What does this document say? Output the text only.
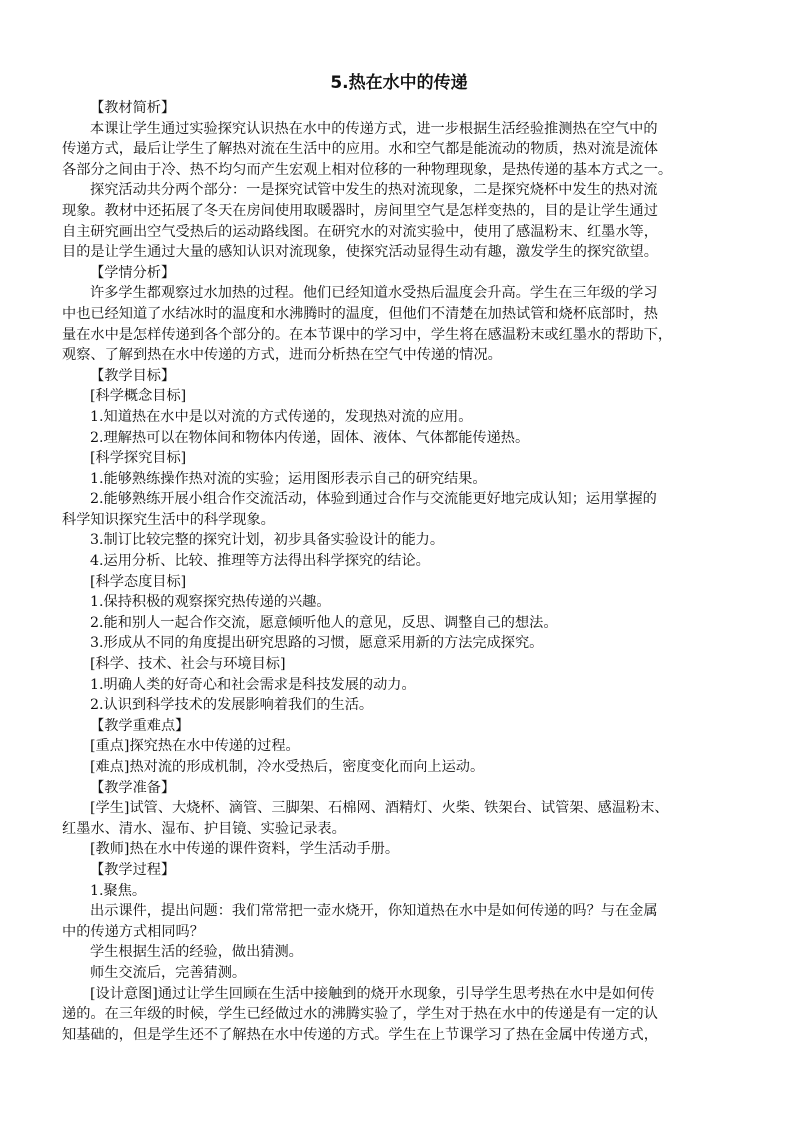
5.热在水中的传递
【教材简析】
本课让学生通过实验探究认识热在水中的传递方式，进一步根据生活经验推测热在空气中的
传递方式，最后让学生了解热对流在生活中的应用。水和空气都是能流动的物质，热对流是流体
各部分之间由于冷、热不均匀而产生宏观上相对位移的一种物理现象，是热传递的基本方式之一。
探究活动共分两个部分：一是探究试管中发生的热对流现象，二是探究烧杯中发生的热对流
现象。教材中还拓展了冬天在房间使用取暖器时，房间里空气是怎样变热的，目的是让学生通过
自主研究画出空气受热后的运动路线图。在研究水的对流实验中，使用了感温粉末、红墨水等，
目的是让学生通过大量的感知认识对流现象，使探究活动显得生动有趣，激发学生的探究欲望。
【学情分析】
许多学生都观察过水加热的过程。他们已经知道水受热后温度会升高。学生在三年级的学习
中也已经知道了水结冰时的温度和水沸腾时的温度，但他们不清楚在加热试管和烧杯底部时，热
量在水中是怎样传递到各个部分的。在本节课中的学习中，学生将在感温粉末或红墨水的帮助下，
观察、了解到热在水中传递的方式，进而分析热在空气中传递的情况。
【教学目标】
[科学概念目标]
1.知道热在水中是以对流的方式传递的，发现热对流的应用。
2.理解热可以在物体间和物体内传递，固体、液体、气体都能传递热。
[科学探究目标]
1.能够熟练操作热对流的实验；运用图形表示自己的研究结果。
2.能够熟练开展小组合作交流活动，体验到通过合作与交流能更好地完成认知；运用掌握的
科学知识探究生活中的科学现象。
3.制订比较完整的探究计划，初步具备实验设计的能力。
4.运用分析、比较、推理等方法得出科学探究的结论。
[科学态度目标]
1.保持积极的观察探究热传递的兴趣。
2.能和别人一起合作交流，愿意倾听他人的意见，反思、调整自己的想法。
3.形成从不同的角度提出研究思路的习惯，愿意采用新的方法完成探究。
[科学、技术、社会与环境目标]
1.明确人类的好奇心和社会需求是科技发展的动力。
2.认识到科学技术的发展影响着我们的生活。
【教学重难点】
[重点]探究热在水中传递的过程。
[难点]热对流的形成机制，冷水受热后，密度变化而向上运动。
【教学准备】
[学生]试管、大烧杯、滴管、三脚架、石棉网、酒精灯、火柴、铁架台、试管架、感温粉末、
红墨水、清水、湿布、护目镜、实验记录表。
[教师]热在水中传递的课件资料，学生活动手册。
【教学过程】
1.聚焦。
出示课件，提出问题：我们常常把一壶水烧开，你知道热在水中是如何传递的吗？与在金属
中的传递方式相同吗？
学生根据生活的经验，做出猜测。
师生交流后，完善猜测。
[设计意图]通过让学生回顾在生活中接触到的烧开水现象，引导学生思考热在水中是如何传
递的。在三年级的时候，学生已经做过水的沸腾实验了，学生对于热在水中的传递是有一定的认
知基础的，但是学生还不了解热在水中传递的方式。学生在上节课学习了热在金属中传递方式，
